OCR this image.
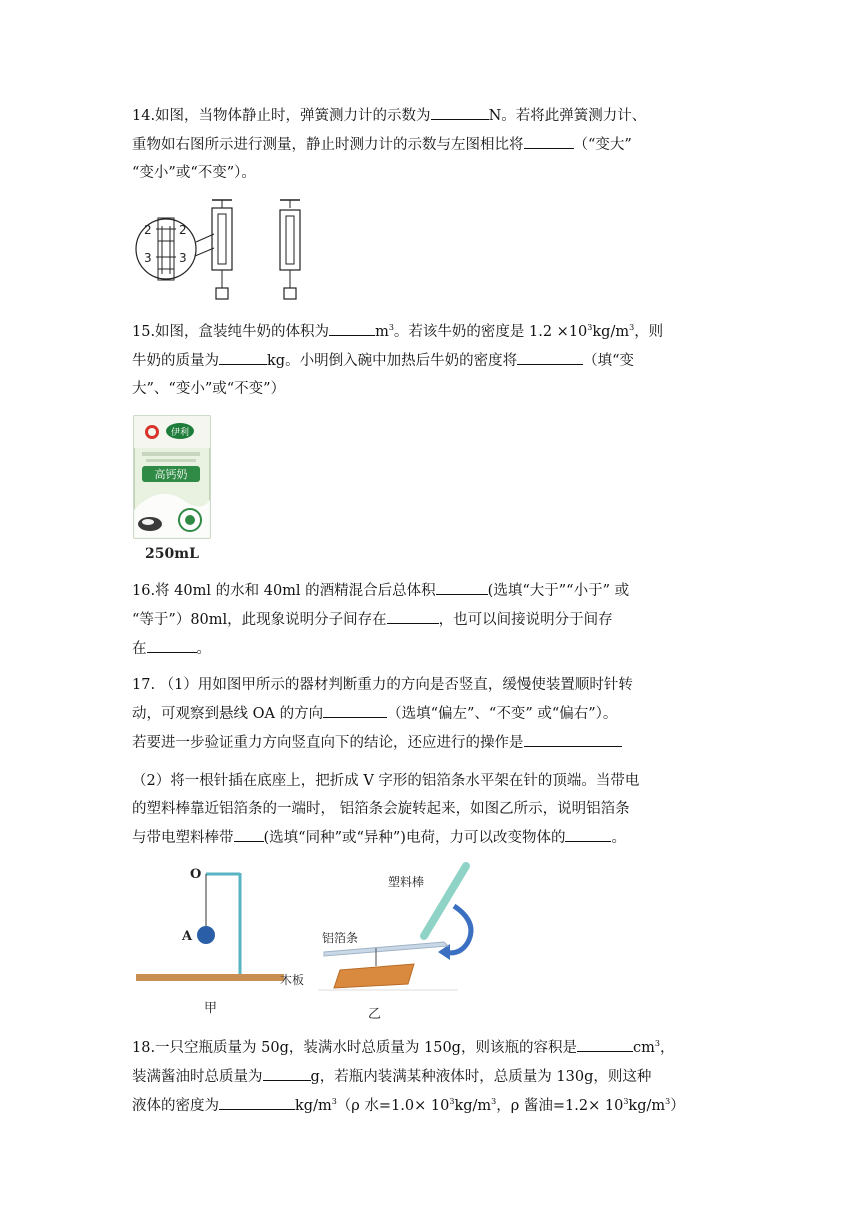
14.如图，当物体静止时，弹簧测力计的示数为	N。若将此弹簧测力计、

重物如右图所示进行测量，静止时测力计的示数与左图相比将	（“变大”

“变小”或“不变”）。

2 2
3 3

15.如图，盒装纯牛奶的体积为	$m^3$。若该牛奶的密度是 $1.2 \times 10^3kg/m^3$，则

牛奶的质量为	kg。小明倒入碗中加热后牛奶的密度将	（填“变

大”、“变小”或“不变”）

伊利
高钙奶
250mL

16.将 40ml 的水和 40ml 的酒精混合后总体积	(选填“大于”“小于” 或

“等于”）80ml，此现象说明分子间存在	，也可以间接说明分于间存

在	。

17. （1）用如图甲所示的器材判断重力的方向是否竖直，缓慢使装置顺时针转

动，可观察到悬线 OA 的方向	（选填“偏左”、“不变” 或“偏右”）。

若要进一步验证重力方向竖直向下的结论，还应进行的操作是

（2）将一根针插在底座上，把折成 V 字形的铝箔条水平架在针的顶端。当带电

的塑料棒靠近铝箔条的一端时， 铝箔条会旋转起来，如图乙所示，说明铝箔条

与带电塑料棒带 (选填“同种”或“异种”)电荷，力可以改变物体的	。

O
A
木板
甲
塑料棒
铝箔条
乙

18.一只空瓶质量为 50g，装满水时总质量为 150g，则该瓶的容积是	$cm^3$，

装满酱油时总质量为	g，若瓶内装满某种液体时，总质量为 130g，则这种

液体的密度为	$kg/m^3(\rho$ 水$=1.0\times 10^3kg/m^3$，ρ 酱油$=1.2\times 10^3kg/m^3$）
